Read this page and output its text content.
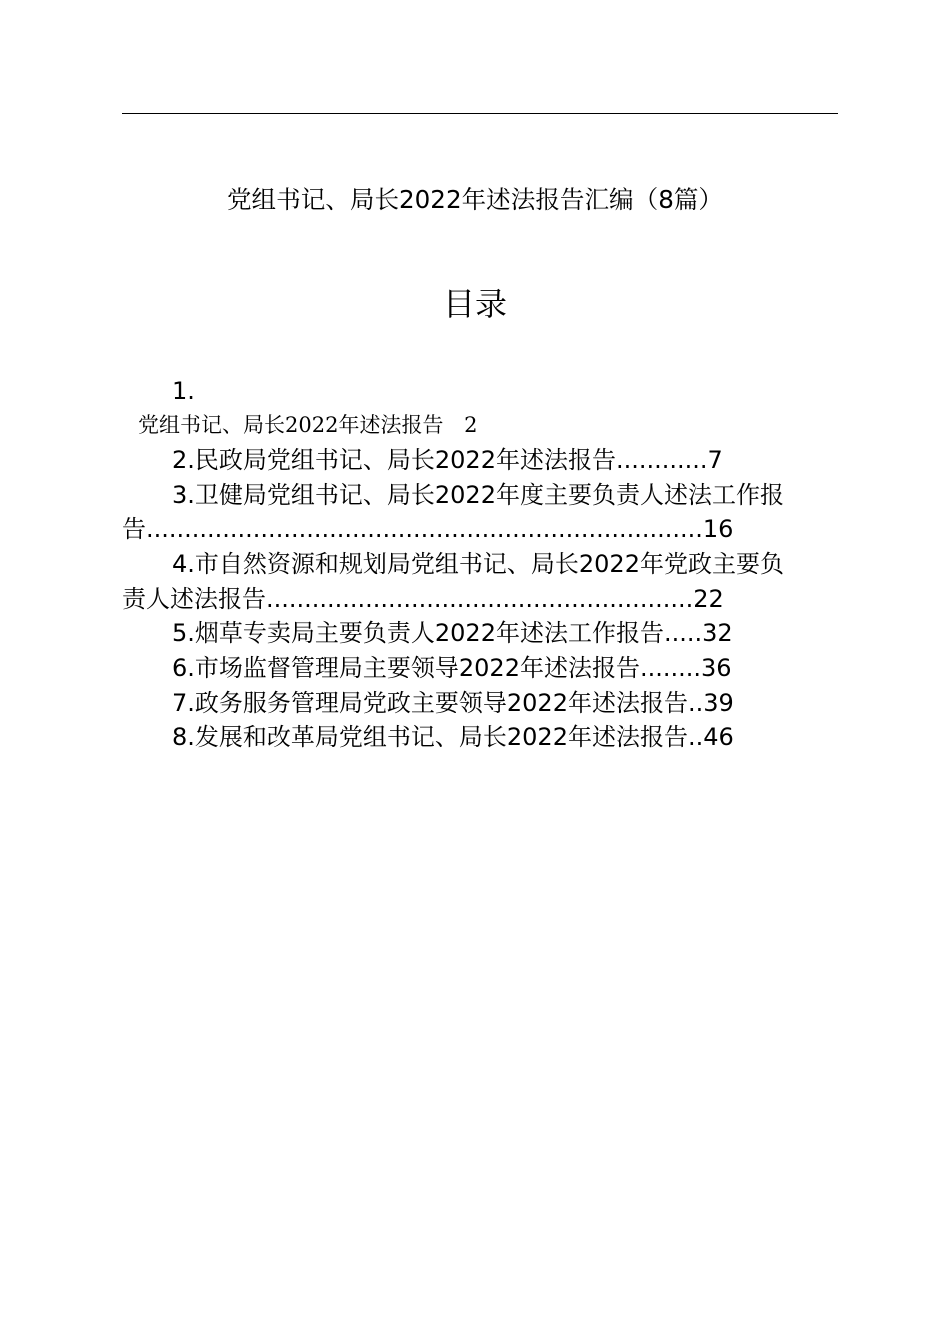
党组书记、局长2022年述法报告汇编（8篇）
目录
1.
党组书记、局长2022年述法报告 2
2.民政局党组书记、局长2022年述法报告............7
3.卫健局党组书记、局长2022年度主要负责人述法工作报
告.........................................................................16
4.市自然资源和规划局党组书记、局长2022年党政主要负
责人述法报告........................................................22
5.烟草专卖局主要负责人2022年述法工作报告.....32
6.市场监督管理局主要领导2022年述法报告........36
7.政务服务管理局党政主要领导2022年述法报告..39
8.发展和改革局党组书记、局长2022年述法报告..46
